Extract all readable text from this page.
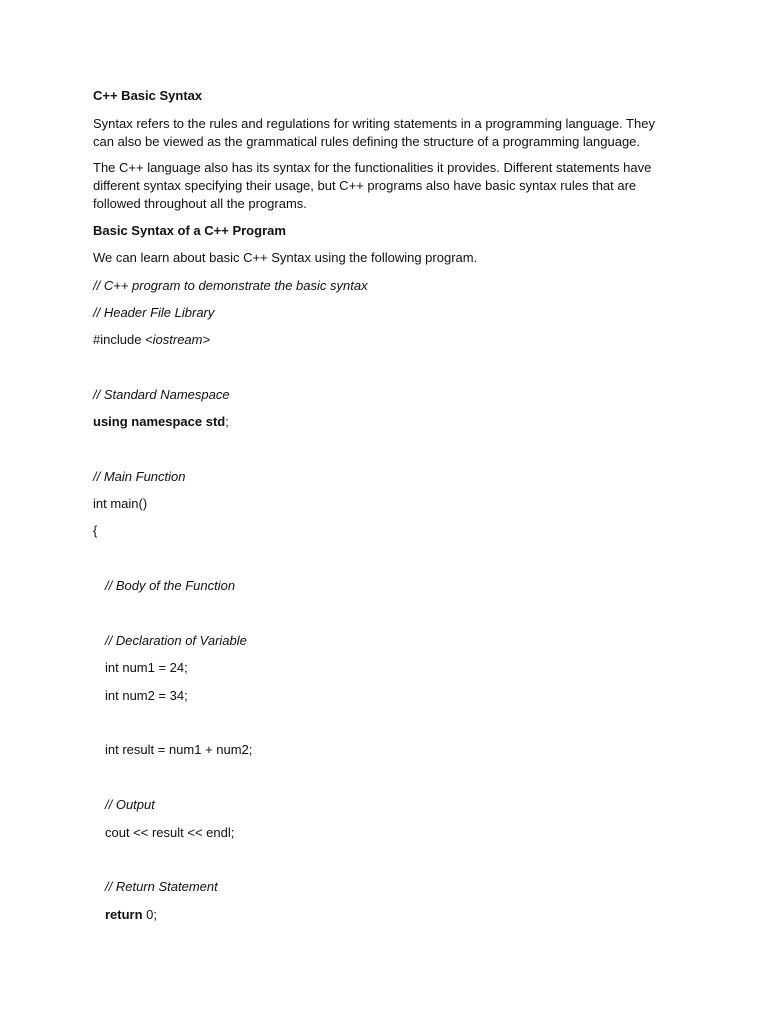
C++ Basic Syntax

Syntax refers to the rules and regulations for writing statements in a programming language. They can also be viewed as the grammatical rules defining the structure of a programming language.

The C++ language also has its syntax for the functionalities it provides. Different statements have different syntax specifying their usage, but C++ programs also have basic syntax rules that are followed throughout all the programs.

Basic Syntax of a C++ Program

We can learn about basic C++ Syntax using the following program.

// C++ program to demonstrate the basic syntax

// Header File Library

#include <iostream>

// Standard Namespace

using namespace std;

// Main Function

int main()

{

// Body of the Function

// Declaration of Variable

int num1 = 24;

int num2 = 34;

int result = num1 + num2;

// Output

cout << result << endl;

// Return Statement

return 0;
